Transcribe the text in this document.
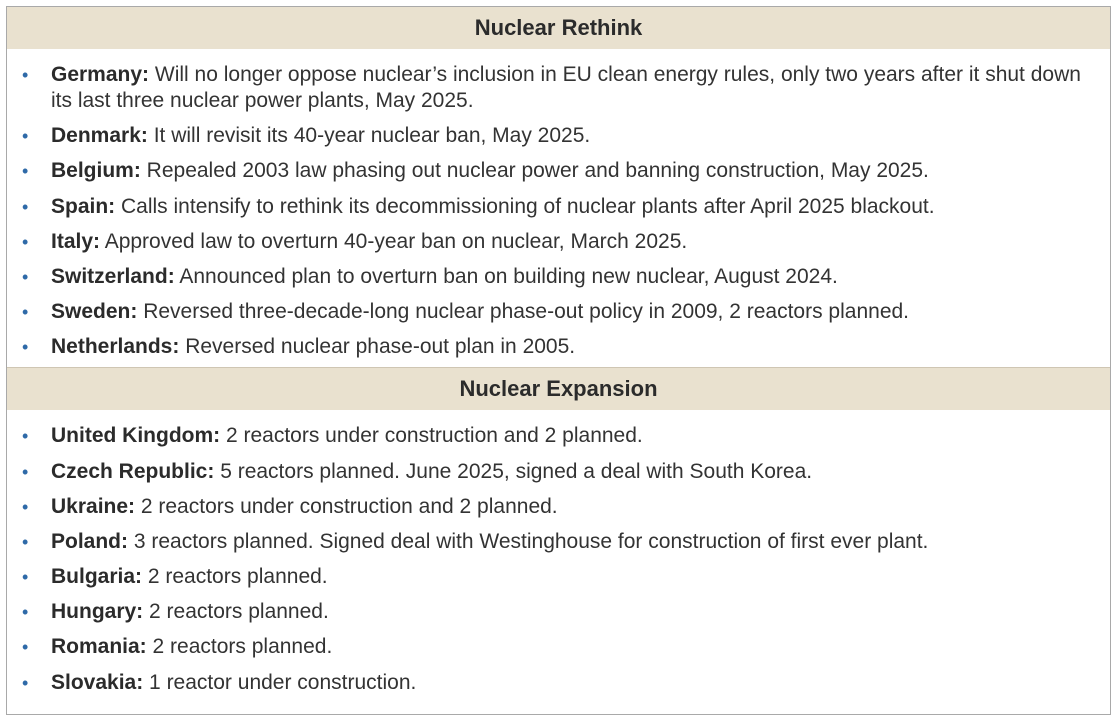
Nuclear Rethink
• Germany: Will no longer oppose nuclear’s inclusion in EU clean energy rules, only two years after it shut down its last three nuclear power plants, May 2025.
• Denmark: It will revisit its 40-year nuclear ban, May 2025.
• Belgium: Repealed 2003 law phasing out nuclear power and banning construction, May 2025.
• Spain: Calls intensify to rethink its decommissioning of nuclear plants after April 2025 blackout.
• Italy: Approved law to overturn 40-year ban on nuclear, March 2025.
• Switzerland: Announced plan to overturn ban on building new nuclear, August 2024.
• Sweden: Reversed three-decade-long nuclear phase-out policy in 2009, 2 reactors planned.
• Netherlands: Reversed nuclear phase-out plan in 2005.
Nuclear Expansion
• United Kingdom: 2 reactors under construction and 2 planned.
• Czech Republic: 5 reactors planned. June 2025, signed a deal with South Korea.
• Ukraine: 2 reactors under construction and 2 planned.
• Poland: 3 reactors planned. Signed deal with Westinghouse for construction of first ever plant.
• Bulgaria: 2 reactors planned.
• Hungary: 2 reactors planned.
• Romania: 2 reactors planned.
• Slovakia: 1 reactor under construction.
